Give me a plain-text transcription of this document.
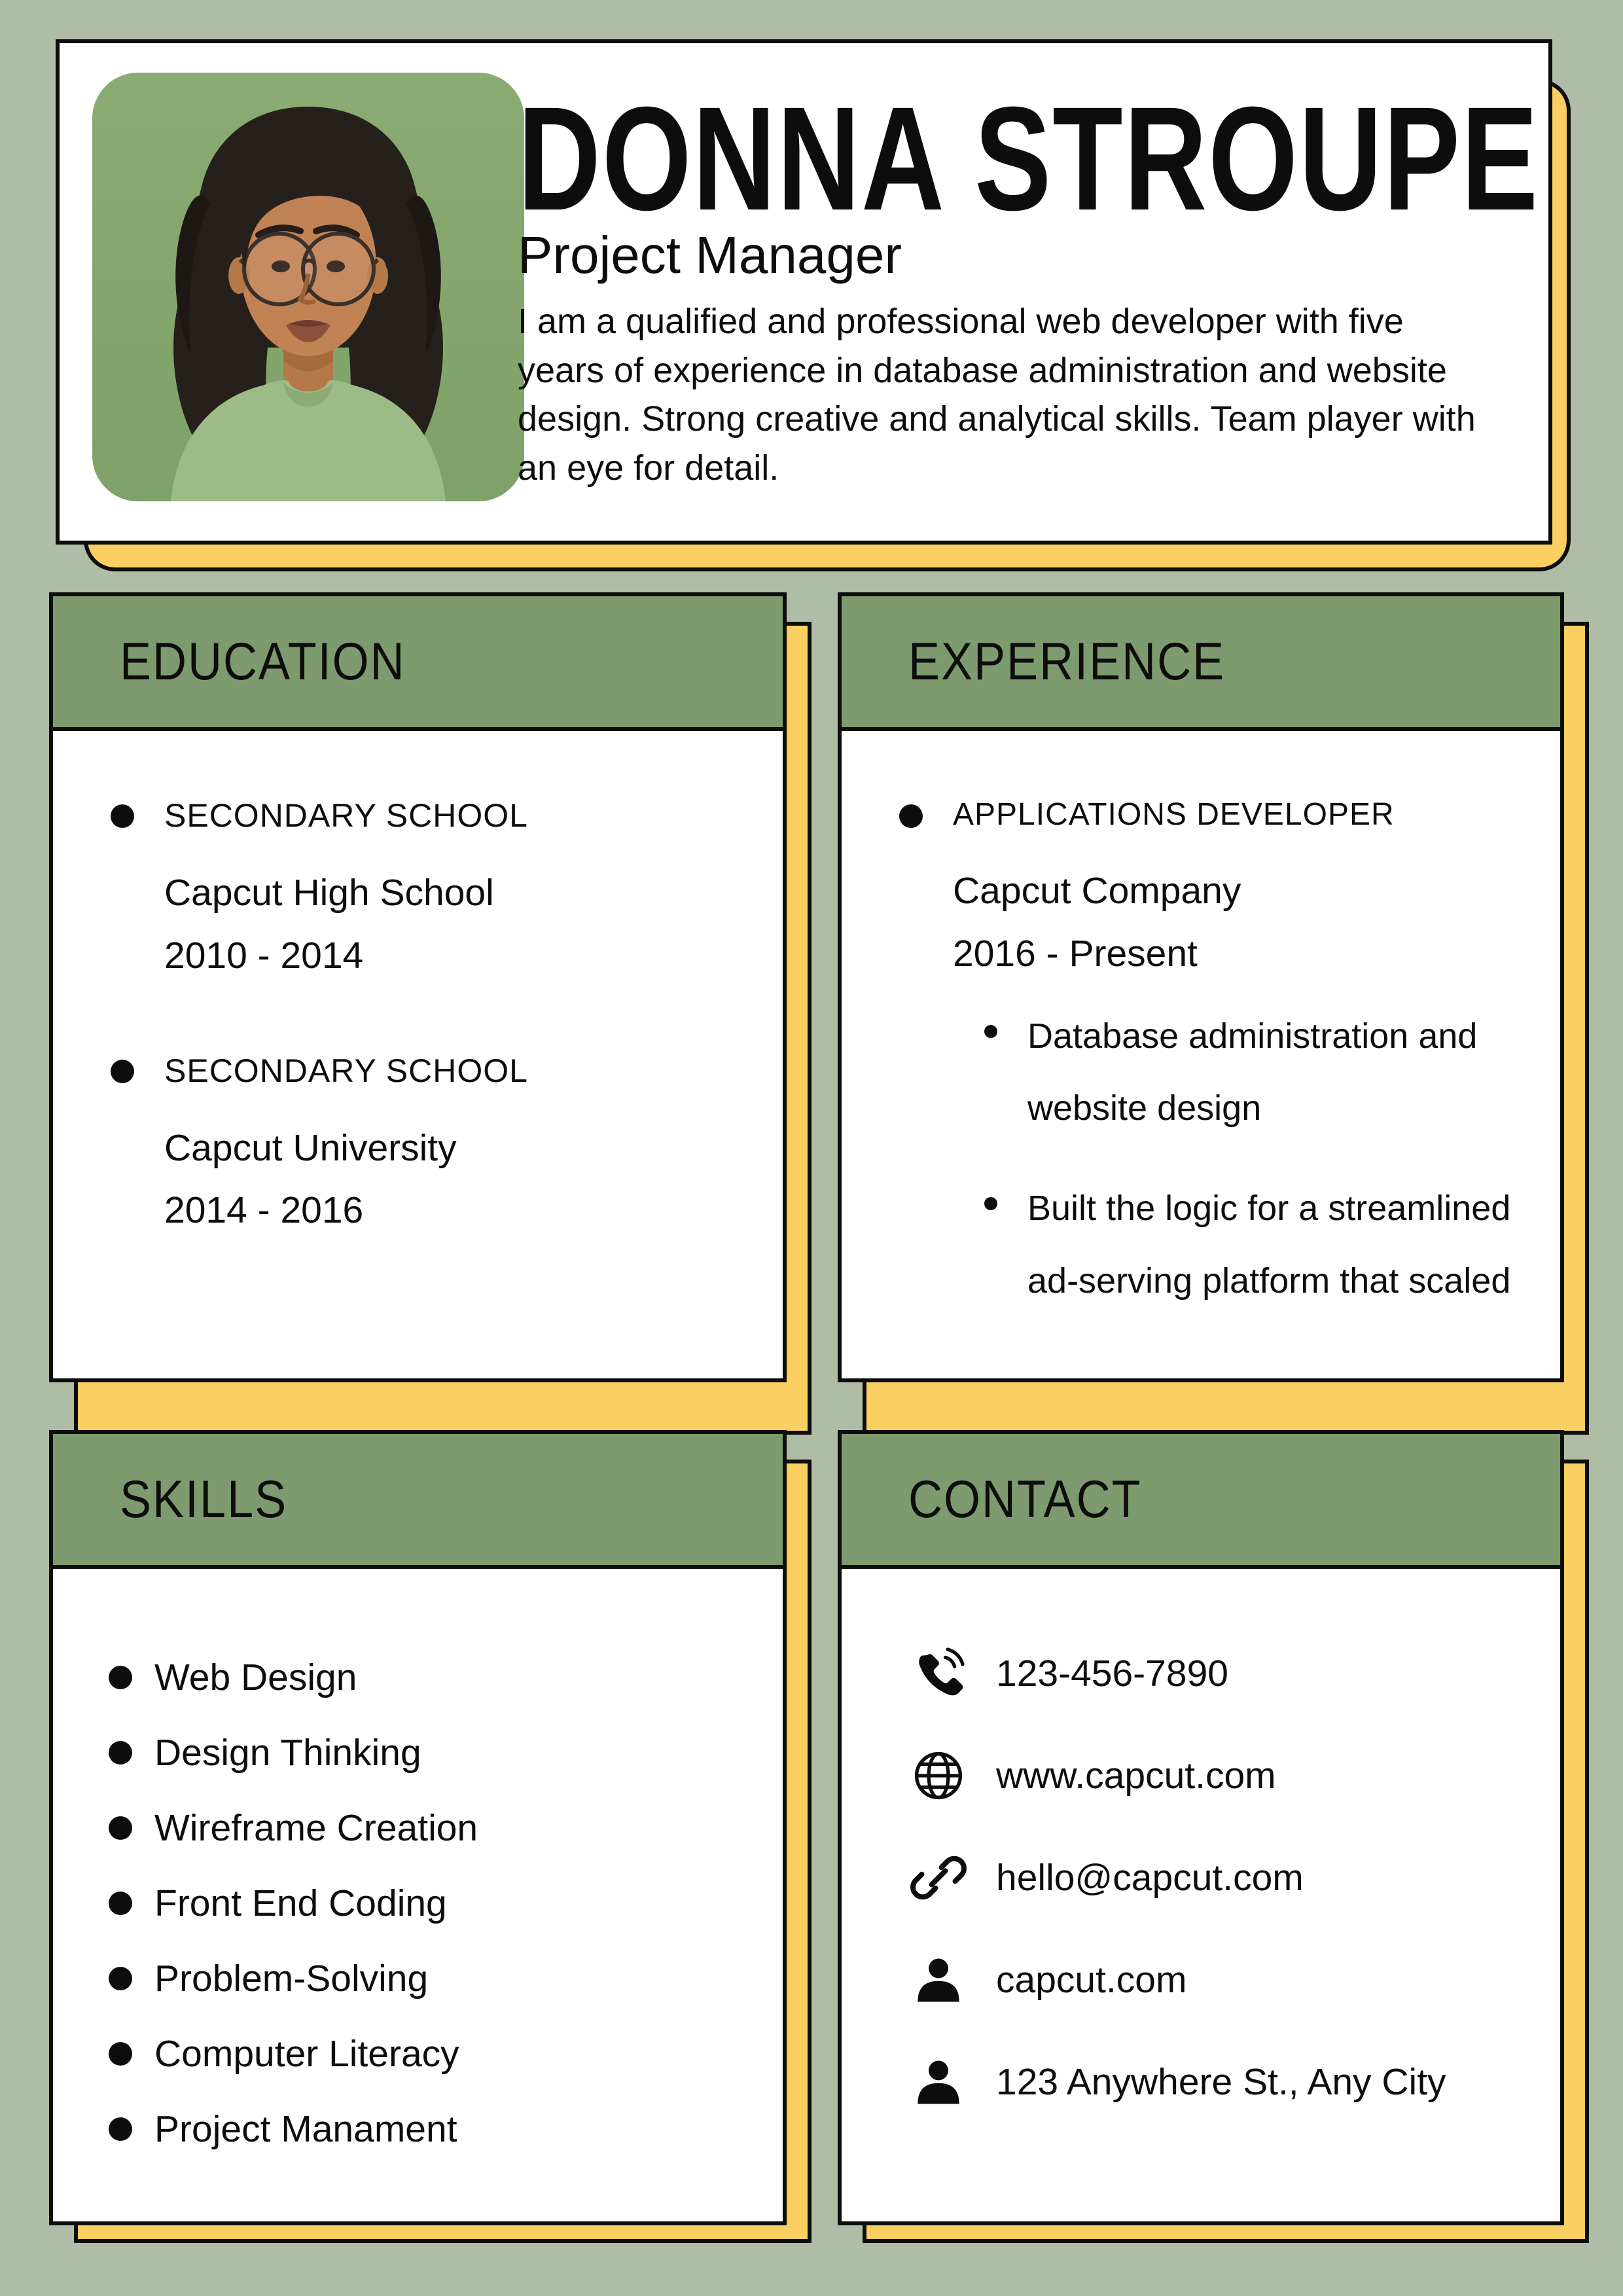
DONNA STROUPE
Project Manager
I am a qualified and professional web developer with five years of experience in database administration and website design. Strong creative and analytical skills. Team player with an eye for detail.
EDUCATION
SECONDARY SCHOOL
Capcut High School
2010 - 2014
SECONDARY SCHOOL
Capcut University
2014 - 2016
EXPERIENCE
APPLICATIONS DEVELOPER
Capcut Company
2016 - Present
Database administration and website design
Built the logic for a streamlined ad-serving platform that scaled
SKILLS
Web Design
Design Thinking
Wireframe Creation
Front End Coding
Problem-Solving
Computer Literacy
Project Manament
CONTACT
123-456-7890
www.capcut.com
hello@capcut.com
capcut.com
123 Anywhere St., Any City
